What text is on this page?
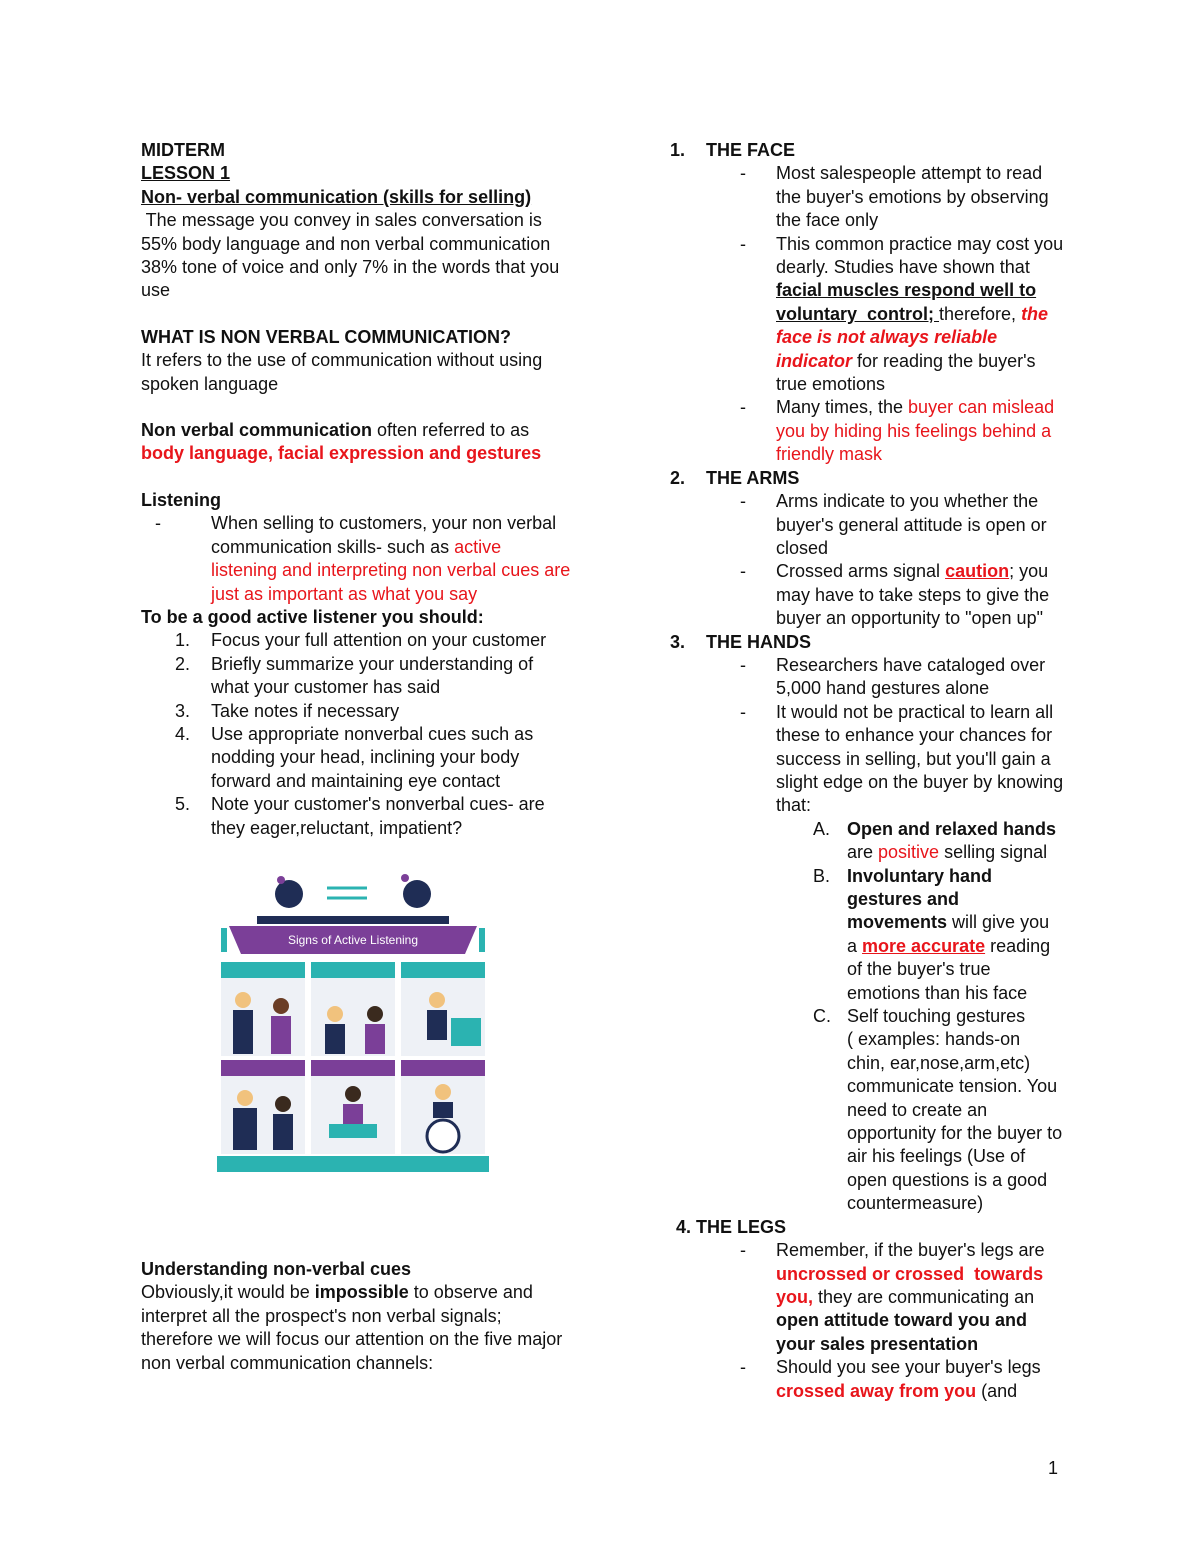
MIDTERM

LESSON 1

Non- verbal communication (skills for selling)

The message you convey in sales conversation is

55% body language and non verbal communication

38% tone of voice and only 7% in the words that you

use

WHAT IS NON VERBAL COMMUNICATION?

It refers to the use of communication without using

spoken language

Non verbal communication often referred to as

body language, facial expression and gestures

Listening

-	When selling to customers, your non verbal

communication skills- such as active

listening and interpreting non verbal cues are

just as important as what you say

To be a good active listener you should:

1. Focus your full attention on your customer

2. Briefly summarize your understanding of

what your customer has said

3. Take notes if necessary

4. Use appropriate nonverbal cues such as

nodding your head, inclining your body

forward and maintaining eye contact

5. Note your customer's nonverbal cues- are

they eager,reluctant, impatient?

Signs of Active Listening

Understanding non-verbal cues

Obviously,it would be impossible to observe and

interpret all the prospect's non verbal signals;

therefore we will focus our attention on the five major

non verbal communication channels:

1. THE FACE

- Most salespeople attempt to read

the buyer's emotions by observing

the face only

- This common practice may cost you

dearly. Studies have shown that

facial muscles respond well to

voluntary  control; therefore, the

face is not always reliable

indicator for reading the buyer's

true emotions

- Many times, the buyer can mislead

you by hiding his feelings behind a

friendly mask

2. THE ARMS

- Arms indicate to you whether the

buyer's general attitude is open or

closed

- Crossed arms signal caution; you

may have to take steps to give the

buyer an opportunity to "open up"

3. THE HANDS

- Researchers have cataloged over

5,000 hand gestures alone

- It would not be practical to learn all

these to enhance your chances for

success in selling, but you'll gain a

slight edge on the buyer by knowing

that:

A. Open and relaxed hands

are positive selling signal

B. Involuntary hand

gestures and

movements will give you

a more accurate reading

of the buyer's true

emotions than his face

C. Self touching gestures

( examples: hands-on

chin, ear,nose,arm,etc)

communicate tension. You

need to create an

opportunity for the buyer to

air his feelings (Use of

open questions is a good

countermeasure)

4. THE LEGS

- Remember, if the buyer's legs are

uncrossed or crossed  towards

you, they are communicating an

open attitude toward you and

your sales presentation

- Should you see your buyer's legs

crossed away from you (and

1
